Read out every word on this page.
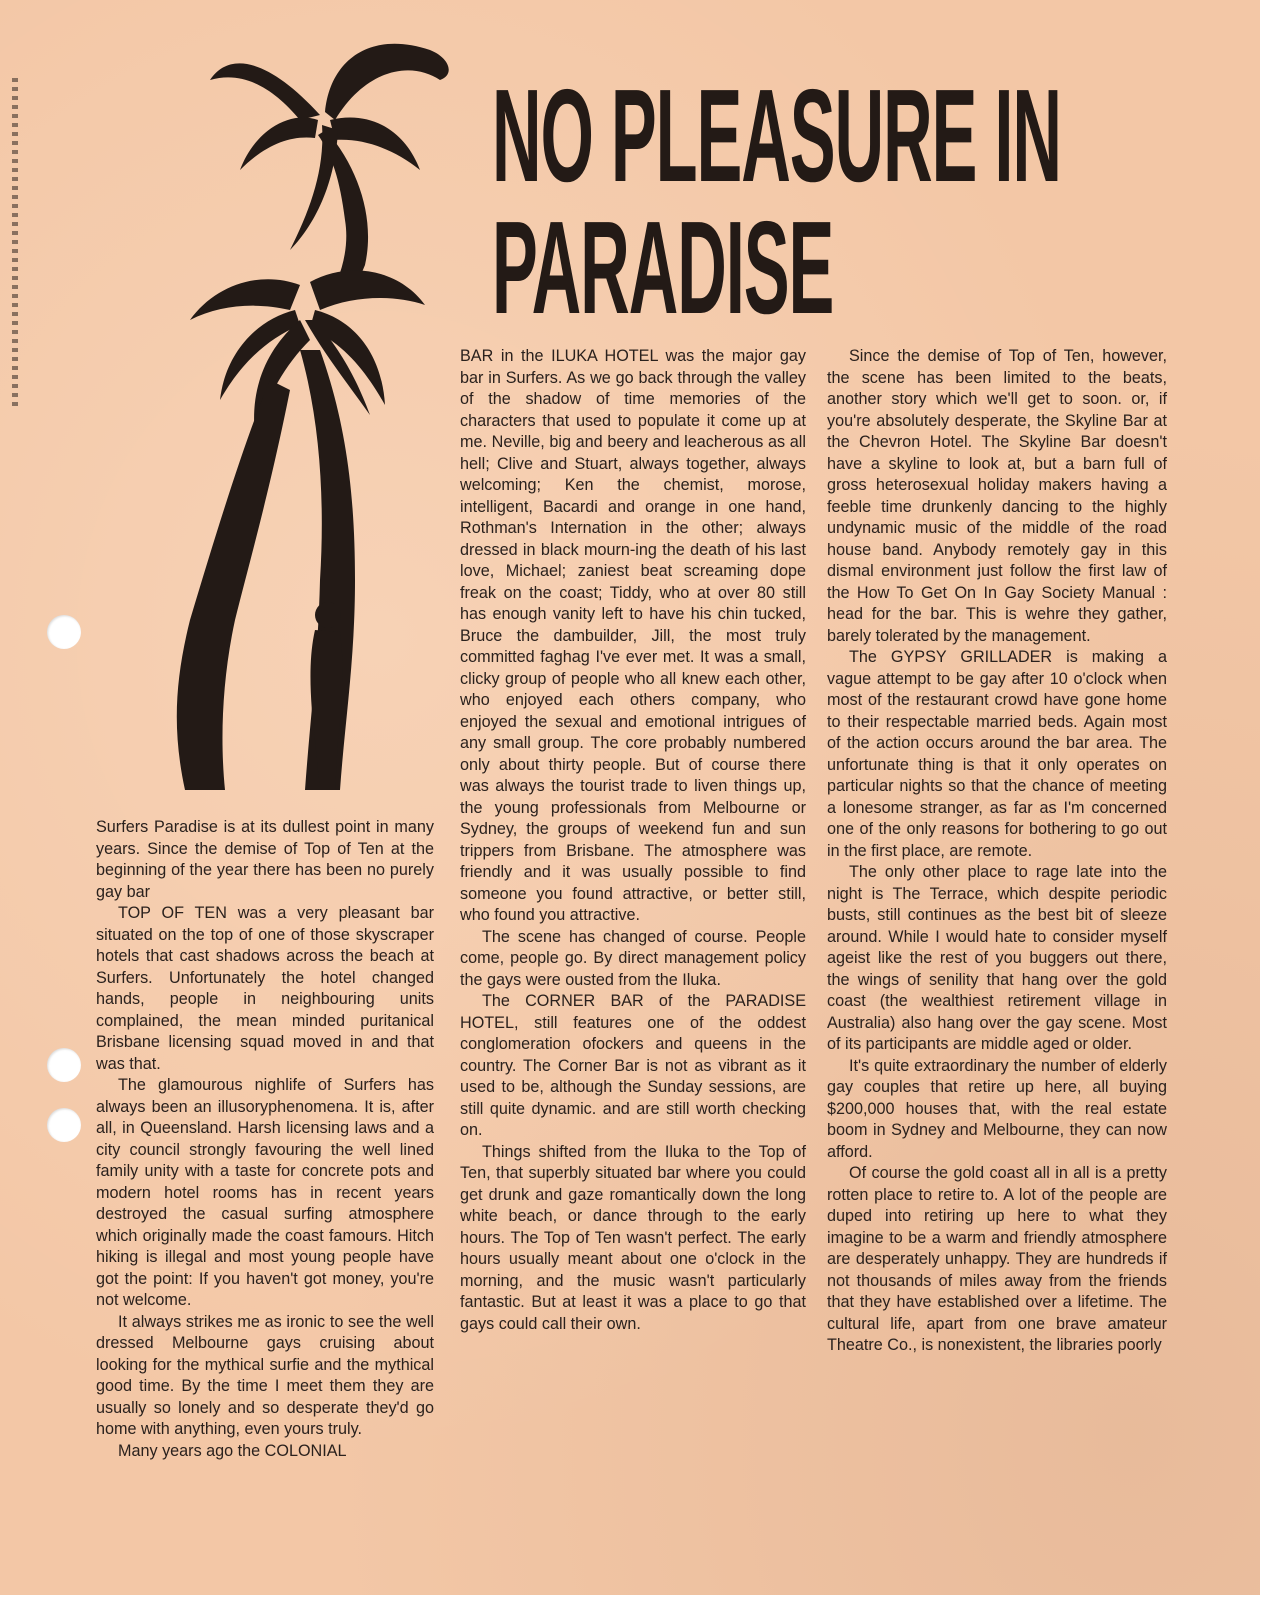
NO PLEASURE IN
PARADISE

Surfers Paradise is at its dullest point in many years. Since the demise of Top of Ten at the beginning of the year there has been no purely gay bar

TOP OF TEN was a very pleasant bar situated on the top of one of those skyscraper hotels that cast shadows across the beach at Surfers. Unfortunately the hotel changed hands, people in neighbouring units complained, the mean minded puritanical Brisbane licensing squad moved in and that was that.

The glamourous nighlife of Surfers has always been an illusoryphenomena. It is, after all, in Queensland. Harsh licensing laws and a city council strongly favouring the well lined family unity with a taste for concrete pots and modern hotel rooms has in recent years destroyed the casual surfing atmosphere which originally made the coast famours. Hitch hiking is illegal and most young people have got the point: If you haven't got money, you're not welcome.

It always strikes me as ironic to see the well dressed Melbourne gays cruising about looking for the mythical surfie and the mythical good time. By the time I meet them they are usually so lonely and so desperate they'd go home with anything, even yours truly.

Many years ago the COLONIAL

BAR in the ILUKA HOTEL was the major gay bar in Surfers. As we go back through the valley of the shadow of time memories of the characters that used to populate it come up at me. Neville, big and beery and leacherous as all hell; Clive and Stuart, always together, always welcoming; Ken the chemist, morose, intelligent, Bacardi and orange in one hand, Rothman's Internation in the other; always dressed in black mourn-ing the death of his last love, Michael; zaniest beat screaming dope freak on the coast; Tiddy, who at over 80 still has enough vanity left to have his chin tucked, Bruce the dambuilder, Jill, the most truly committed faghag I've ever met. It was a small, clicky group of people who all knew each other, who enjoyed each others company, who enjoyed the sexual and emotional intrigues of any small group. The core probably numbered only about thirty people. But of course there was always the tourist trade to liven things up, the young professionals from Melbourne or Sydney, the groups of weekend fun and sun trippers from Brisbane. The atmosphere was friendly and it was usually possible to find someone you found attractive, or better still, who found you attractive.

The scene has changed of course. People come, people go. By direct management policy the gays were ousted from the Iluka.

The CORNER BAR of the PARADISE HOTEL, still features one of the oddest conglomeration ofockers and queens in the country. The Corner Bar is not as vibrant as it used to be, although the Sunday sessions, are still quite dynamic. and are still worth checking on.

Things shifted from the Iluka to the Top of Ten, that superbly situated bar where you could get drunk and gaze romantically down the long white beach, or dance through to the early hours. The Top of Ten wasn't perfect. The early hours usually meant about one o'clock in the morning, and the music wasn't particularly fantastic. But at least it was a place to go that gays could call their own.

Since the demise of Top of Ten, however, the scene has been limited to the beats, another story which we'll get to soon. or, if you're absolutely desperate, the Skyline Bar at the Chevron Hotel. The Skyline Bar doesn't have a skyline to look at, but a barn full of gross heterosexual holiday makers having a feeble time drunkenly dancing to the highly undynamic music of the middle of the road house band. Anybody remotely gay in this dismal environment just follow the first law of the How To Get On In Gay Society Manual : head for the bar. This is wehre they gather, barely tolerated by the management.

The GYPSY GRILLADER is making a vague attempt to be gay after 10 o'clock when most of the restaurant crowd have gone home to their respectable married beds. Again most of the action occurs around the bar area. The unfortunate thing is that it only operates on particular nights so that the chance of meeting a lonesome stranger, as far as I'm concerned one of the only reasons for bothering to go out in the first place, are remote.

The only other place to rage late into the night is The Terrace, which despite periodic busts, still continues as the best bit of sleeze around. While I would hate to consider myself ageist like the rest of you buggers out there, the wings of senility that hang over the gold coast (the wealthiest retirement village in Australia) also hang over the gay scene. Most of its participants are middle aged or older.

It's quite extraordinary the number of elderly gay couples that retire up here, all buying $200,000 houses that, with the real estate boom in Sydney and Melbourne, they can now afford.

Of course the gold coast all in all is a pretty rotten place to retire to. A lot of the people are duped into retiring up here to what they imagine to be a warm and friendly atmosphere are desperately unhappy. They are hundreds if not thousands of miles away from the friends that they have established over a lifetime. The cultural life, apart from one brave amateur Theatre Co., is nonexistent, the libraries poorly
